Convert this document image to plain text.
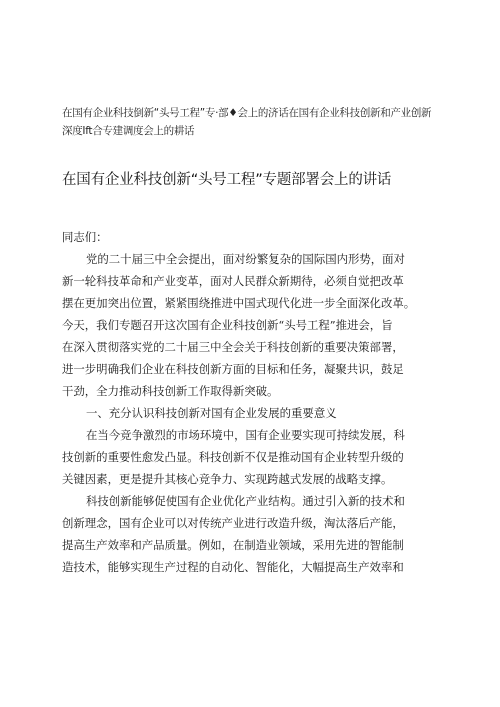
在国有企业科技倒新“头号工程”专·部♦会上的济话在国有企业科技创新和产业创新
深度Ift合专建调度会上的耕话
在国有企业科技创新“头号工程”专题部署会上的讲话
同志们：
党的二十届三中全会提出，面对纷繁复杂的国际国内形势，面对
新一轮科技革命和产业变革，面对人民群众新期待，必须自觉把改革
摆在更加突出位置，紧紧围绕推进中国式现代化进一步全面深化改革。
今天，我们专题召开这次国有企业科技创新“头号工程”推进会，旨
在深入贯彻落实党的二十届三中全会关于科技创新的重要决策部署，
进一步明确我们企业在科技创新方面的目标和任务，凝聚共识，鼓足
干劲，全力推动科技创新工作取得新突破。
一、充分认识科技创新对国有企业发展的重要意义
在当今竞争激烈的市场环境中，国有企业要实现可持续发展，科
技创新的重要性愈发凸显。科技创新不仅是推动国有企业转型升级的
关键因素，更是提升其核心竞争力、实现跨越式发展的战略支撑。
科技创新能够促使国有企业优化产业结构。通过引入新的技术和
创新理念，国有企业可以对传统产业进行改造升级，淘汰落后产能，
提高生产效率和产品质量。例如，在制造业领域，采用先进的智能制
造技术，能够实现生产过程的自动化、智能化，大幅提高生产效率和
